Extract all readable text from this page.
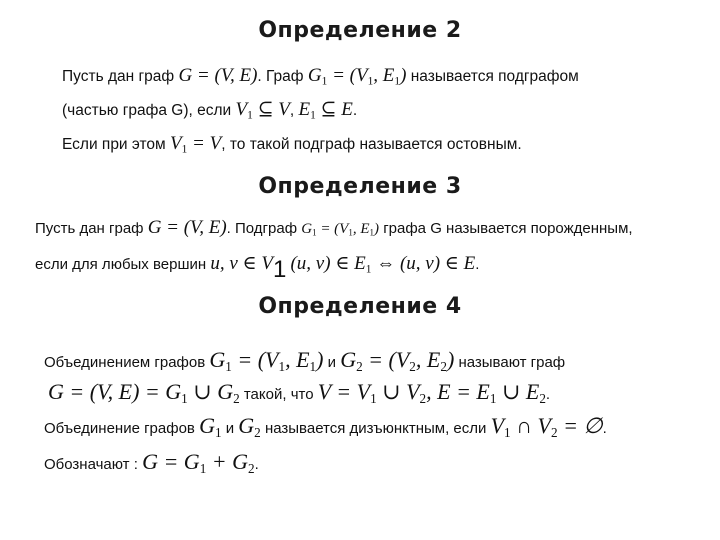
Определение 2
Пусть дан граф G = (V, E). Граф $G_1 = (V_1$, $E_1$) называется подграфом
(частью графа G), если $V_1$ ⊆ V, $E_1$ ⊆ E.
Если при этом $V_1 = V$, то такой подграф называется остовным.
Определение 3
Пусть дан граф G = (V, E). Подграф $G_1 = (V_1$, $E_1$) графа G называется порожденным,
если для любых вершин u, v ∈ V1 (u, v) ∈ $E_1$ ⇔ (u, v) ∈ E.
Определение 4
Объединением графов $G_1 = (V_1$, $E_1$) и $G_2 = (V_2$, $E_2$) называют граф
G = (V, $E) = G_1$ ∪ $G_2$ такой, что $V = V_1$ ∪ $V_2$, $E = E_1$ ∪ $E_2$.
Объединение графов $G_1$ и $G_2$ называется дизъюнктным, если $V_1$ ∩ $V_2$ = ∅.
Обозначают : $G = G_1 + G_2$.
